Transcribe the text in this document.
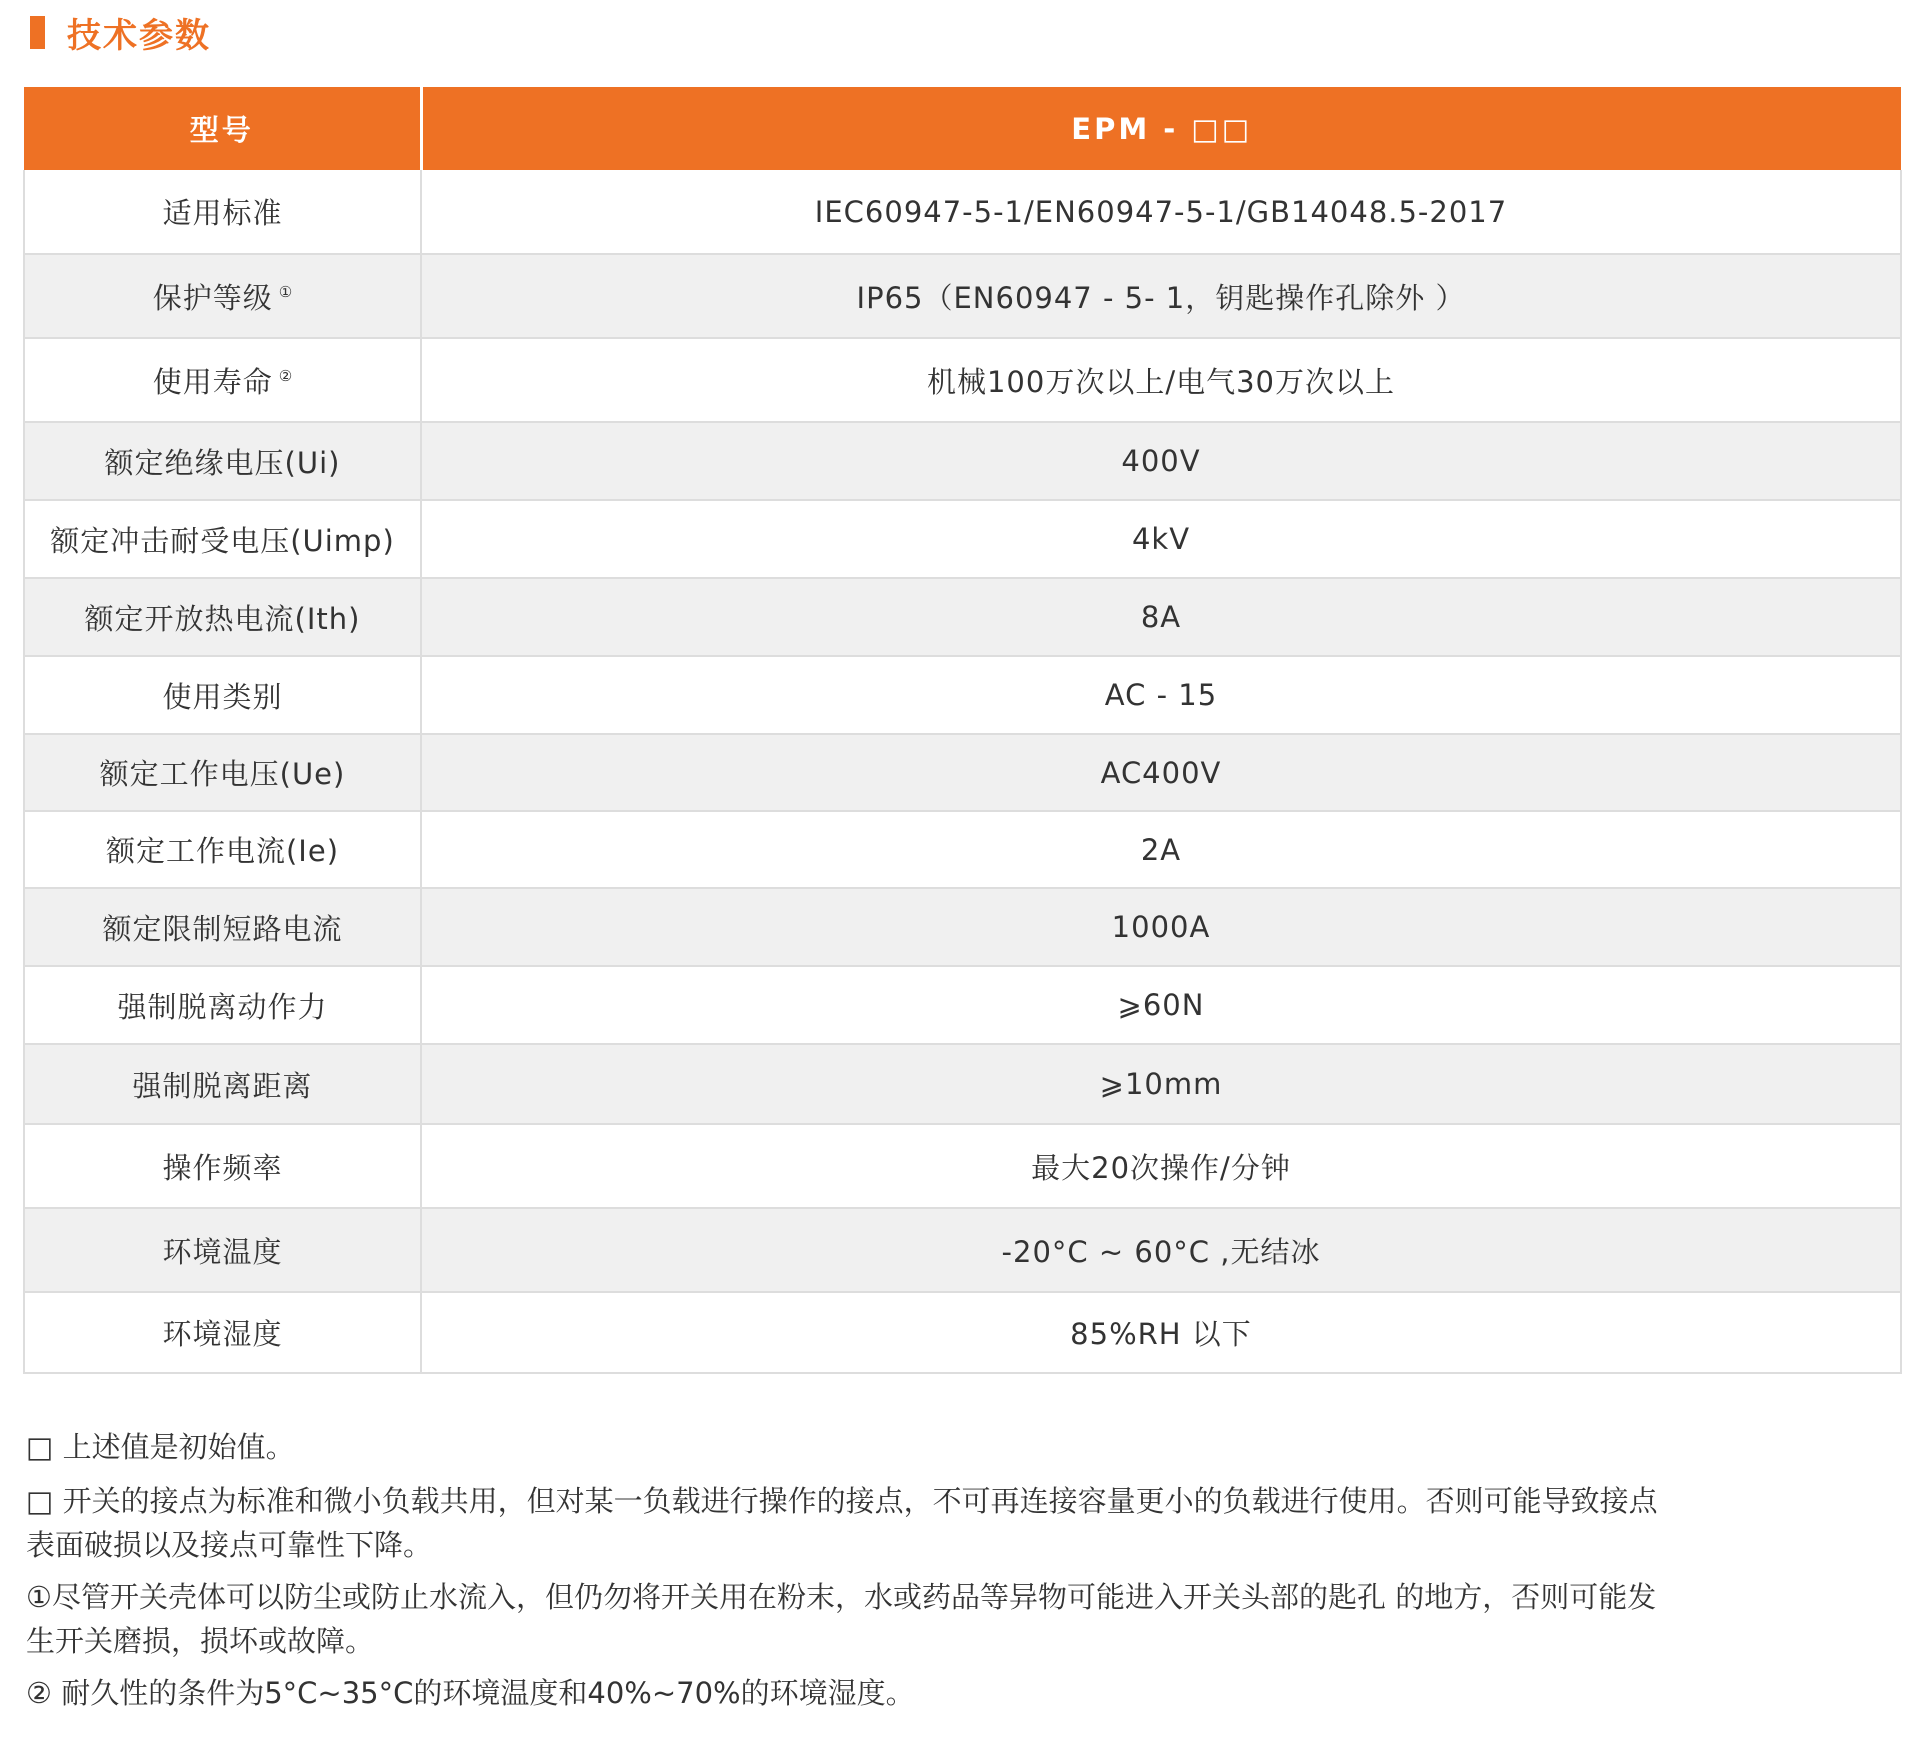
技术参数
型号	EPM - □□
适用标准	IEC60947-5-1/EN60947-5-1/GB14048.5-2017
保护等级 ①	IP65（EN60947 - 5- 1，钥匙操作孔除外 ）
使用寿命 ②	机械100万次以上/电气30万次以上
额定绝缘电压(Ui)	400V
额定冲击耐受电压(Uimp)	4kV
额定开放热电流(Ith)	8A
使用类别	AC - 15
额定工作电压(Ue)	AC400V
额定工作电流(Ie)	2A
额定限制短路电流	1000A
强制脱离动作力	⩾60N
强制脱离距离	⩾10mm
操作频率	最大20次操作/分钟
环境温度	-20°C ~ 60°C ,无结冰
环境湿度	85%RH 以下

□ 上述值是初始值。

□ 开关的接点为标准和微小负载共用，但对某一负载进行操作的接点，不可再连接容量更小的负载进行使用。否则可能导致接点表面破损以及接点可靠性下降。

①尽管开关壳体可以防尘或防止水流入，但仍勿将开关用在粉末，水或药品等异物可能进入开关头部的匙孔 的地方，否则可能发生开关磨损，损坏或故障。

② 耐久性的条件为5°C~35°C的环境温度和40%~70%的环境湿度。
